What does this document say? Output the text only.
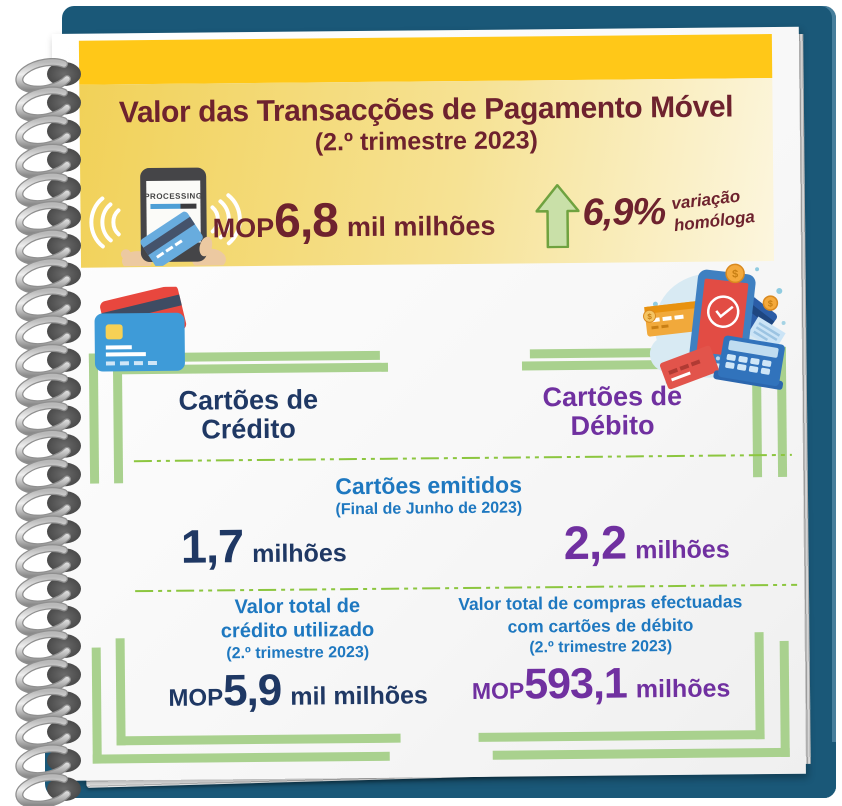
Valor das Transacções de Pagamento Móvel
(2.º trimestre 2023)
PROCESSING
MOP 6,8 mil milhões 6,9% variação
homóloga
$
$
$
Cartões de
Crédito
Cartões de
Débito
Cartões emitidos
(Final de Junho de 2023)
1,7 milhões	2,2 milhões
Valor total de
crédito utilizado
(2.º trimestre 2023)
MOP 5,9 mil milhões
Valor total de compras efectuadas
com cartões de débito
(2.º trimestre 2023)
MOP 593,1 milhões
